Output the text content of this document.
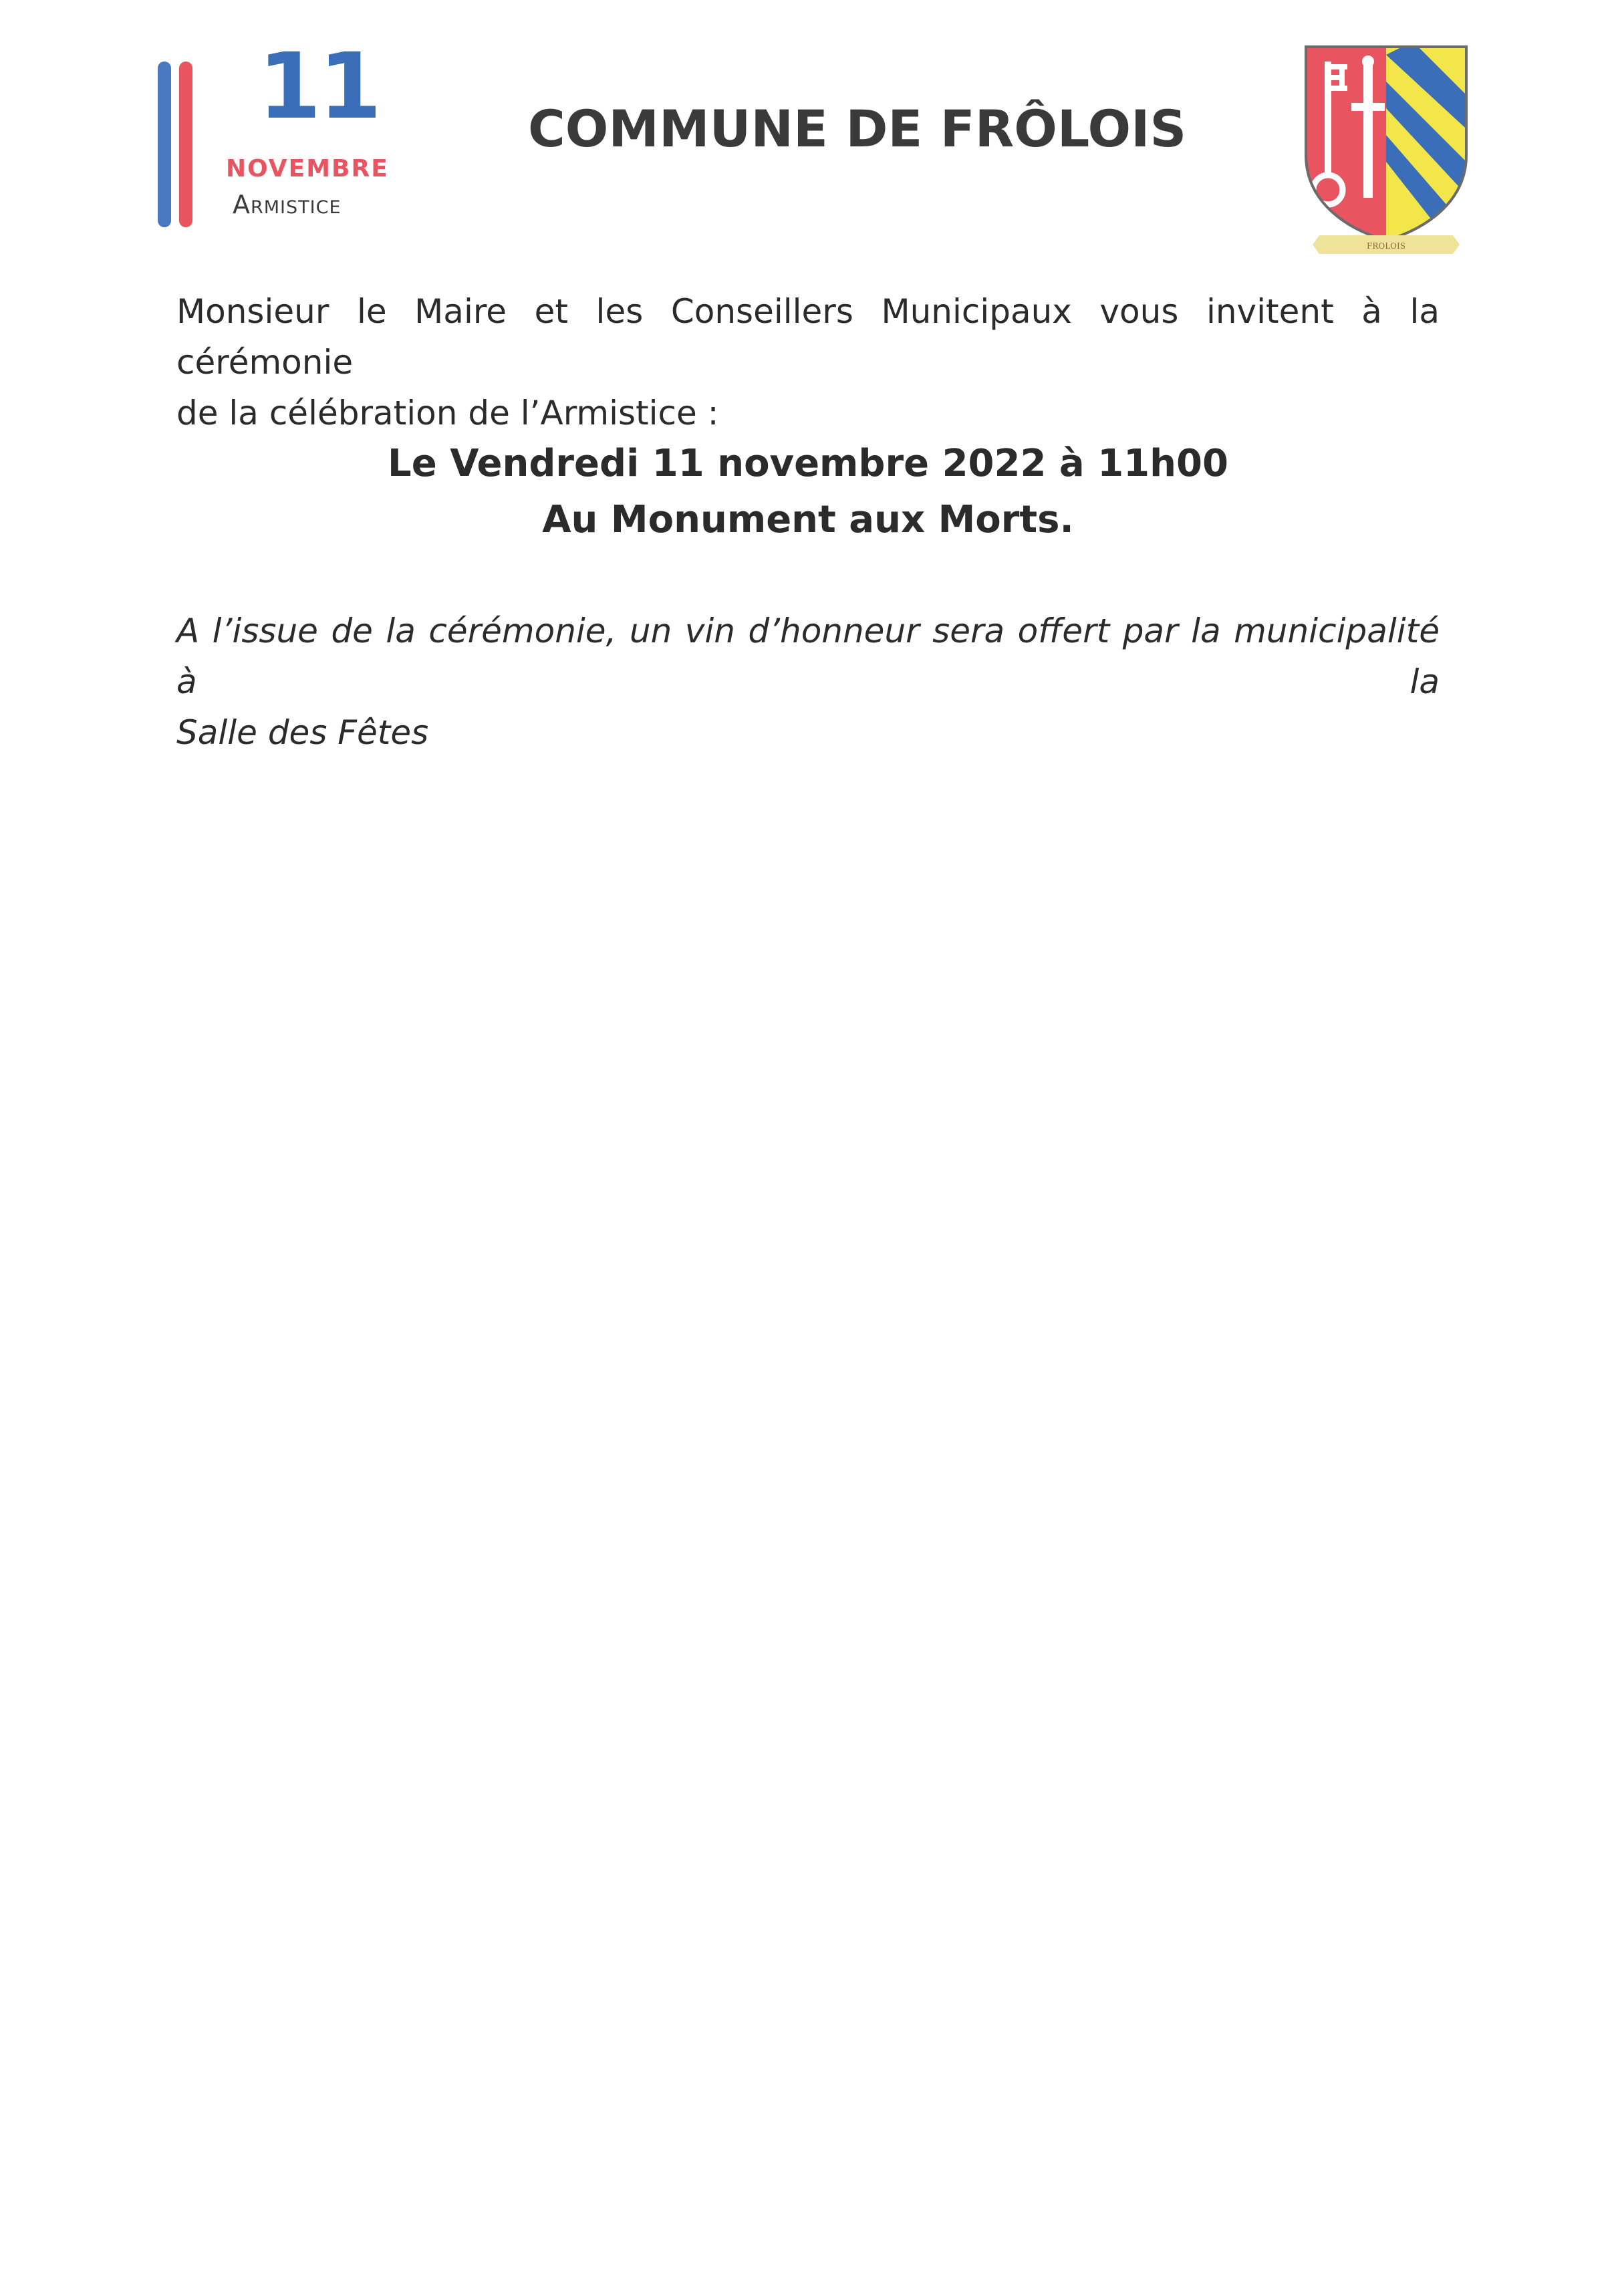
11
NOVEMBRE
Armistice
COMMUNE DE FRÔLOIS
FROLOIS
Monsieur le Maire et les Conseillers Municipaux vous invitent à la cérémonie
de la célébration de l’Armistice :
Le Vendredi 11 novembre 2022 à 11h00
Au Monument aux Morts.
A l’issue de la cérémonie, un vin d’honneur sera offert par la municipalité à la
Salle des Fêtes
